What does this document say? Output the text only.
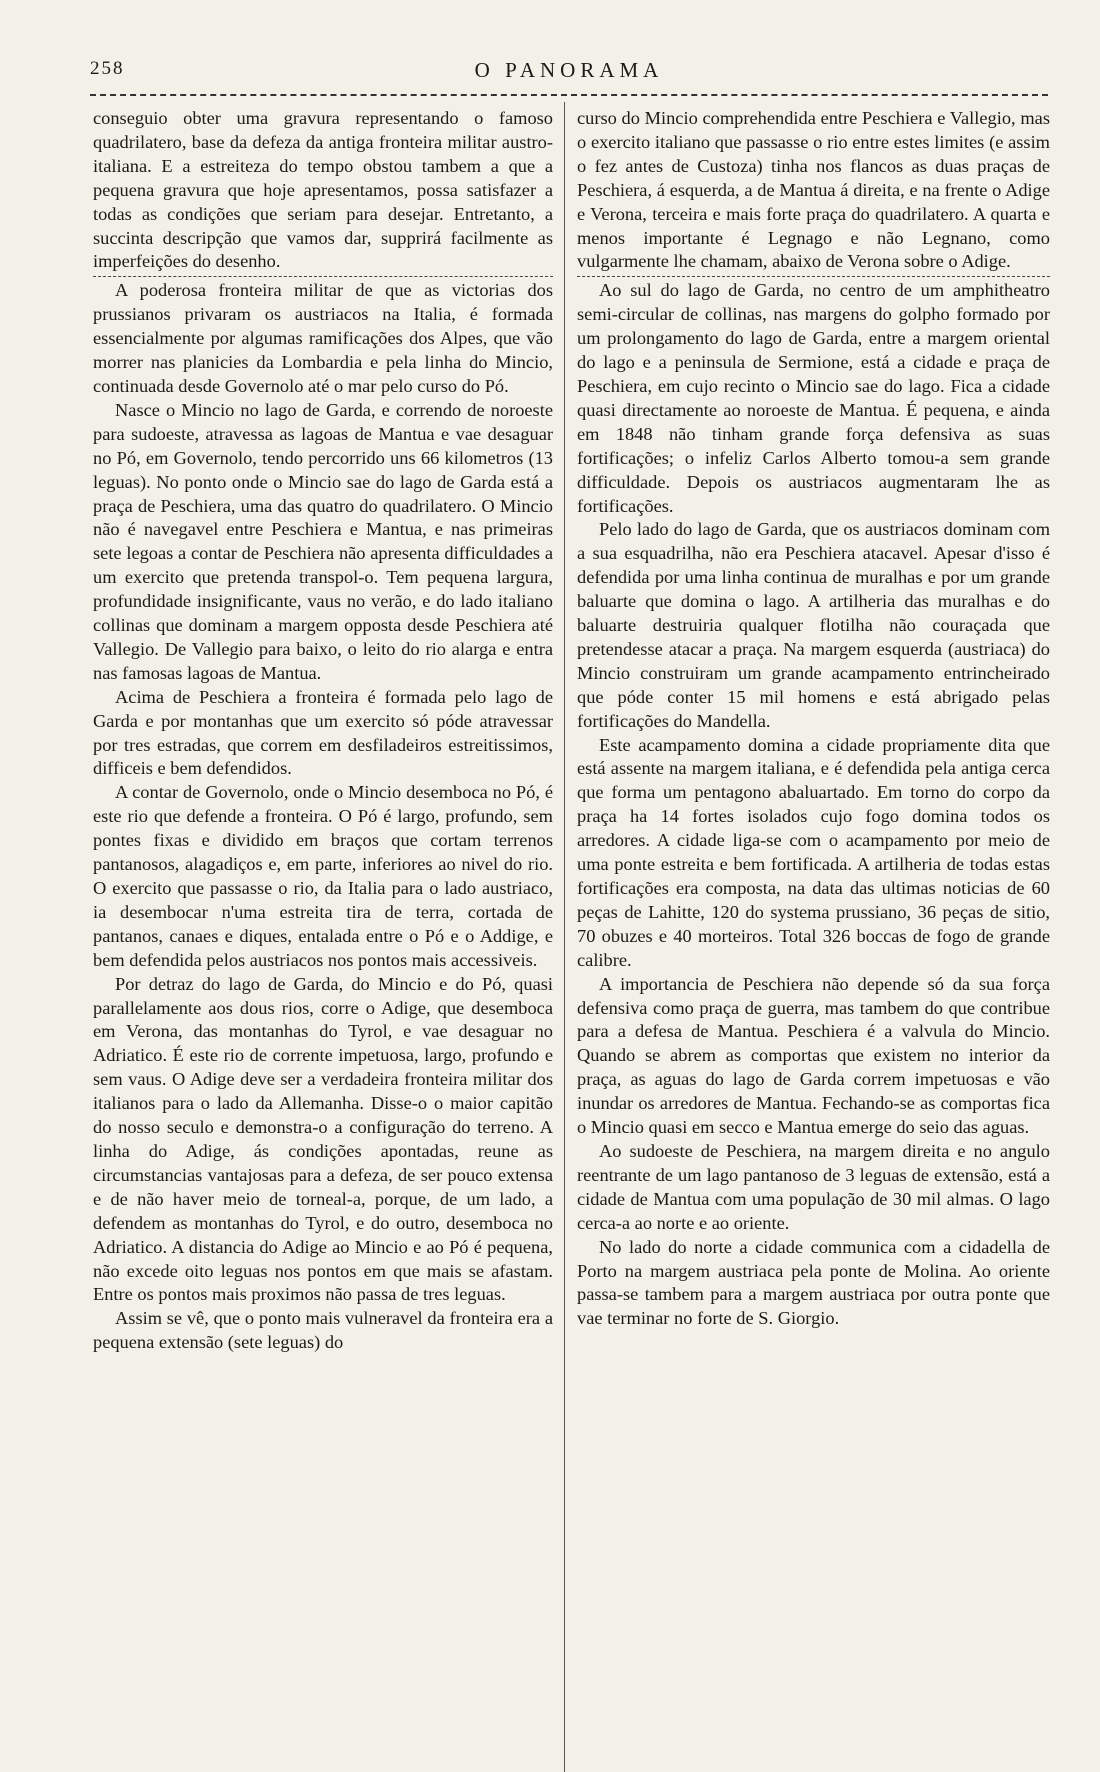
258	O PANORAMA

conseguio obter uma gravura representando o famoso quadrilatero, base da defeza da antiga fronteira militar austro-italiana. E a estreiteza do tempo obstou tambem a que a pequena gravura que hoje apresentamos, possa satisfazer a todas as condições que seriam para desejar. Entretanto, a succinta descripção que vamos dar, supprirá facilmente as imperfeições do desenho.

A poderosa fronteira militar de que as victorias dos prussianos privaram os austriacos na Italia, é formada essencialmente por algumas ramificações dos Alpes, que vão morrer nas planicies da Lombardia e pela linha do Mincio, continuada desde Governolo até o mar pelo curso do Pó.

Nasce o Mincio no lago de Garda, e correndo de noroeste para sudoeste, atravessa as lagoas de Mantua e vae desaguar no Pó, em Governolo, tendo percorrido uns 66 kilometros (13 leguas). No ponto onde o Mincio sae do lago de Garda está a praça de Peschiera, uma das quatro do quadrilatero. O Mincio não é navegavel entre Peschiera e Mantua, e nas primeiras sete legoas a contar de Peschiera não apresenta difficuldades a um exercito que pretenda transpol-o. Tem pequena largura, profundidade insignificante, vaus no verão, e do lado italiano collinas que dominam a margem opposta desde Peschiera até Vallegio. De Vallegio para baixo, o leito do rio alarga e entra nas famosas lagoas de Mantua.

Acima de Peschiera a fronteira é formada pelo lago de Garda e por montanhas que um exercito só póde atravessar por tres estradas, que correm em desfiladeiros estreitissimos, difficeis e bem defendidos.

A contar de Governolo, onde o Mincio desemboca no Pó, é este rio que defende a fronteira. O Pó é largo, profundo, sem pontes fixas e dividido em braços que cortam terrenos pantanosos, alagadiços e, em parte, inferiores ao nivel do rio. O exercito que passasse o rio, da Italia para o lado austriaco, ia desembocar n'uma estreita tira de terra, cortada de pantanos, canaes e diques, entalada entre o Pó e o Addige, e bem defendida pelos austriacos nos pontos mais accessiveis.

Por detraz do lago de Garda, do Mincio e do Pó, quasi parallelamente aos dous rios, corre o Adige, que desemboca em Verona, das montanhas do Tyrol, e vae desaguar no Adriatico. É este rio de corrente impetuosa, largo, profundo e sem vaus. O Adige deve ser a verdadeira fronteira militar dos italianos para o lado da Allemanha. Disse-o o maior capitão do nosso seculo e demonstra-o a configuração do terreno. A linha do Adige, ás condições apontadas, reune as circumstancias vantajosas para a defeza, de ser pouco extensa e de não haver meio de torneal-a, porque, de um lado, a defendem as montanhas do Tyrol, e do outro, desemboca no Adriatico. A distancia do Adige ao Mincio e ao Pó é pequena, não excede oito leguas nos pontos em que mais se afastam. Entre os pontos mais proximos não passa de tres leguas.

Assim se vê, que o ponto mais vulneravel da fronteira era a pequena extensão (sete leguas) do

curso do Mincio comprehendida entre Peschiera e Vallegio, mas o exercito italiano que passasse o rio entre estes limites (e assim o fez antes de Custoza) tinha nos flancos as duas praças de Peschiera, á esquerda, a de Mantua á direita, e na frente o Adige e Verona, terceira e mais forte praça do quadrilatero. A quarta e menos importante é Legnago e não Legnano, como vulgarmente lhe chamam, abaixo de Verona sobre o Adige.

Ao sul do lago de Garda, no centro de um amphitheatro semi-circular de collinas, nas margens do golpho formado por um prolongamento do lago de Garda, entre a margem oriental do lago e a peninsula de Sermione, está a cidade e praça de Peschiera, em cujo recinto o Mincio sae do lago. Fica a cidade quasi directamente ao noroeste de Mantua. É pequena, e ainda em 1848 não tinham grande força defensiva as suas fortificações; o infeliz Carlos Alberto tomou-a sem grande difficuldade. Depois os austriacos augmentaram lhe as fortificações.

Pelo lado do lago de Garda, que os austriacos dominam com a sua esquadrilha, não era Peschiera atacavel. Apesar d'isso é defendida por uma linha continua de muralhas e por um grande baluarte que domina o lago. A artilheria das muralhas e do baluarte destruiria qualquer flotilha não couraçada que pretendesse atacar a praça. Na margem esquerda (austriaca) do Mincio construiram um grande acampamento entrincheirado que póde conter 15 mil homens e está abrigado pelas fortificações do Mandella.

Este acampamento domina a cidade propriamente dita que está assente na margem italiana, e é defendida pela antiga cerca que forma um pentagono abaluartado. Em torno do corpo da praça ha 14 fortes isolados cujo fogo domina todos os arredores. A cidade liga-se com o acampamento por meio de uma ponte estreita e bem fortificada. A artilheria de todas estas fortificações era composta, na data das ultimas noticias de 60 peças de Lahitte, 120 do systema prussiano, 36 peças de sitio, 70 obuzes e 40 morteiros. Total 326 boccas de fogo de grande calibre.

A importancia de Peschiera não depende só da sua força defensiva como praça de guerra, mas tambem do que contribue para a defesa de Mantua. Peschiera é a valvula do Mincio. Quando se abrem as comportas que existem no interior da praça, as aguas do lago de Garda correm impetuosas e vão inundar os arredores de Mantua. Fechando-se as comportas fica o Mincio quasi em secco e Mantua emerge do seio das aguas.

Ao sudoeste de Peschiera, na margem direita e no angulo reentrante de um lago pantanoso de 3 leguas de extensão, está a cidade de Mantua com uma população de 30 mil almas. O lago cerca-a ao norte e ao oriente.

No lado do norte a cidade communica com a cidadella de Porto na margem austriaca pela ponte de Molina. Ao oriente passa-se tambem para a margem austriaca por outra ponte que vae terminar no forte de S. Giorgio.
